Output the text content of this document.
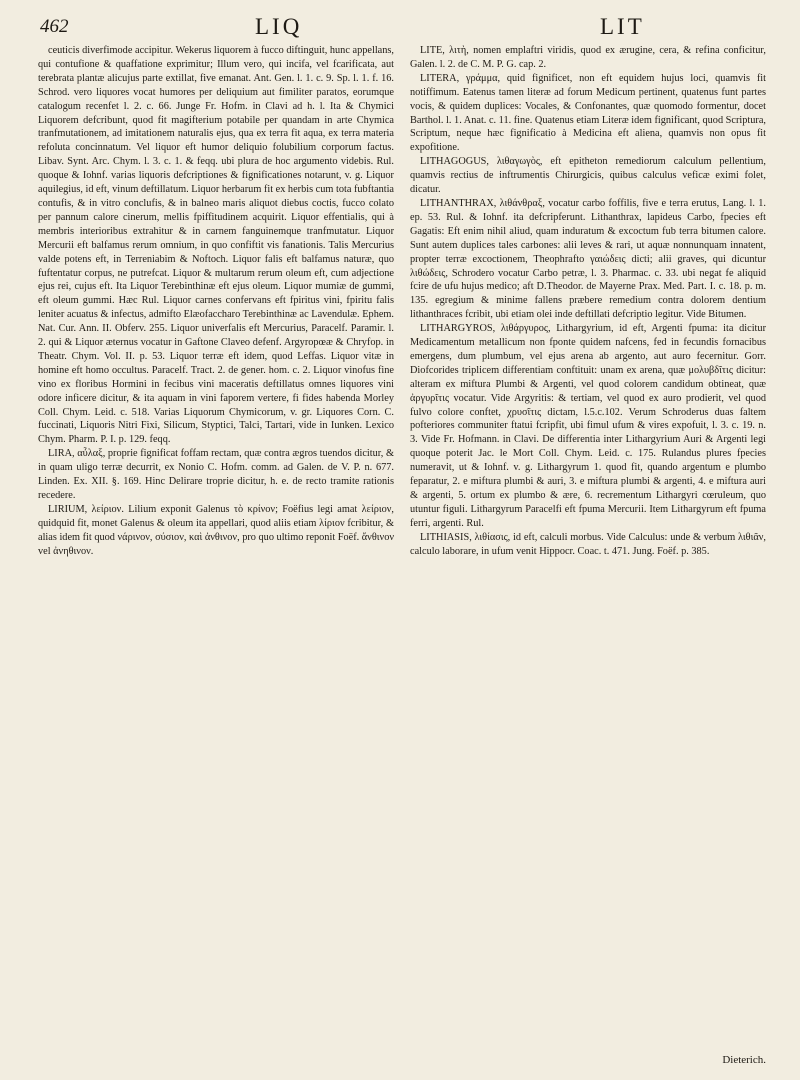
462	LIQ	LIT

ceuticis diverfimode accipitur. Wekerus liquorem à fucco diftinguit, hunc appellans, qui contufione & quaffatione exprimitur; Illum vero, qui incifa, vel fcarificata, aut terebrata plantæ alicujus parte extillat, five emanat. Ant. Gen. l. 1. c. 9. Sp. l. 1. f. 16. Schrod. vero liquores vocat humores per deliquium aut fimiliter paratos, eorumque catalogum recenfet l. 2. c. 66. Junge Fr. Hofm. in Clavi ad h. l. Ita & Chymici Liquorem defcribunt, quod fit magifterium potabile per quandam in arte Chymica tranfmutationem, ad imitationem naturalis ejus, qua ex terra fit aqua, ex terra materia refoluta concinnatum. Vel liquor eft humor deliquio folubilium corporum factus. Libav. Synt. Arc. Chym. l. 3. c. 1. & feqq. ubi plura de hoc argumento videbis. Rul. quoque & Iohnf. varias liquoris defcriptiones & fignificationes notarunt, v. g. Liquor aquilegius, id eft, vinum deftillatum. Liquor herbarum fit ex herbis cum tota fubftantia contufis, & in vitro conclufis, & in balneo maris aliquot diebus coctis, fucco colato per pannum calore cinerum, mellis fpiffitudinem acquirit. Liquor effentialis, qui à membris interioribus extrahitur & in carnem fanguinemque tranfmutatur. Liquor Mercurii eft balfamus rerum omnium, in quo confiftit vis fanationis. Talis Mercurius valde potens eft, in Terreniabim & Noftoch. Liquor falis eft balfamus naturæ, quo fuftentatur corpus, ne putrefcat. Liquor & multarum rerum oleum eft, cum adjectione ejus rei, cujus eft. Ita Liquor Terebinthinæ eft ejus oleum. Liquor mumiæ de gummi, eft oleum gummi. Hæc Rul. Liquor carnes confervans eft fpiritus vini, fpiritu falis leniter acuatus & infectus, admifto Elæofaccharo Terebinthinæ ac Lavendulæ. Ephem. Nat. Cur. Ann. II. Obferv. 255. Liquor univerfalis eft Mercurius, Paracelf. Paramir. l. 2. qui & Liquor æternus vocatur in Gaftone Claveo defenf. Argyropœæ & Chryfop. in Theatr. Chym. Vol. II. p. 53. Liquor terræ eft idem, quod Leffas. Liquor vitæ in homine eft homo occultus. Paracelf. Tract. 2. de gener. hom. c. 2. Liquor vinofus fine vino ex floribus Hormini in fecibus vini maceratis deftillatus omnes liquores vini odore inficere dicitur, & ita aquam in vini faporem vertere, fi fides habenda Morley Coll. Chym. Leid. c. 518. Varias Liquorum Chymicorum, v. gr. Liquores Corn. C. fuccinati, Liquoris Nitri Fixi, Silicum, Styptici, Talci, Tartari, vide in Iunken. Lexico Chym. Pharm. P. I. p. 129. feqq.

LIRA, αὖλαξ, proprie fignificat foffam rectam, quæ contra ægros tuendos dicitur, & in quam uligo terræ decurrit, ex Nonio C. Hofm. comm. ad Galen. de V. P. n. 677. Linden. Ex. XII. §. 169. Hinc Delirare troprie dicitur, h. e. de recto tramite rationis recedere.

LIRIUM, λείριον. Lilium exponit Galenus τὸ κρίνον; Foëfius legi amat λείριον, quidquid fit, monet Galenus & oleum ita appellari, quod aliis etiam λίριον fcribitur, & alias idem fit quod νάρινον, σύσιον, καὶ ἀνθινον, pro quo ultimo reponit Foëf. ἄνθινον vel ἀνηθινον.

LITE, λιτὴ, nomen emplaftri viridis, quod ex ærugine, cera, & refina conficitur, Galen. l. 2. de C. M. P. G. cap. 2.

LITERA, γράμμα, quid fignificet, non eft equidem hujus loci, quamvis fit notiffimum. Eatenus tamen literæ ad forum Medicum pertinent, quatenus funt partes vocis, & quidem duplices: Vocales, & Confonantes, quæ quomodo formentur, docet Barthol. l. 1. Anat. c. 11. fine. Quatenus etiam Literæ idem fignificant, quod Scriptura, Scriptum, neque hæc fignificatio à Medicina eft aliena, quamvis non opus fit expofitione.

LITHAGOGUS, λιθαγωγὸς, eft epitheton remediorum calculum pellentium, quamvis rectius de inftrumentis Chirurgicis, quibus calculus veficæ eximi folet, dicatur.

LITHANTHRAX, λιθάνθραξ, vocatur carbo foffilis, five e terra erutus, Lang. l. 1. ep. 53. Rul. & Iohnf. ita defcripferunt. Lithanthrax, lapideus Carbo, fpecies eft Gagatis: Eft enim nihil aliud, quam induratum & excoctum fub terra bitumen calore. Sunt autem duplices tales carbones: alii leves & rari, ut aquæ nonnunquam innatent, propter terræ excoctionem, Theophrafto γαιώδεις dicti; alii graves, qui dicuntur λιθώδεις, Schrodero vocatur Carbo petræ, l. 3. Pharmac. c. 33. ubi negat fe aliquid fcire de ufu hujus medico; aft D.Theodor. de Mayerne Prax. Med. Part. I. c. 18. p. m. 135. egregium & minime fallens præbere remedium contra dolorem dentium lithanthraces fcribit, ubi etiam olei inde deftillati defcriptio legitur. Vide Bitumen.

LITHARGYROS, λιθάργυρος, Lithargyrium, id eft, Argenti fpuma: ita dicitur Medicamentum metallicum non fponte quidem nafcens, fed in fecundis fornacibus emergens, dum plumbum, vel ejus arena ab argento, aut auro fecernitur. Gorr. Diofcorides triplicem differentiam conftituit: unam ex arena, quæ μολυβδῖτις dicitur: alteram ex miftura Plumbi & Argenti, vel quod colorem candidum obtineat, quæ ἀργυρῖτις vocatur. Vide Argyritis: & tertiam, vel quod ex auro prodierit, vel quod fulvo colore conftet, χρυσῖτις dictam, l.5.c.102. Verum Schroderus duas faltem pofteriores communiter ftatui fcripfit, ubi fimul ufum & vires expofuit, l. 3. c. 19. n. 3. Vide Fr. Hofmann. in Clavi. De differentia inter Lithargyrium Auri & Argenti legi quoque poterit Jac. le Mort Coll. Chym. Leid. c. 175. Rulandus plures fpecies numeravit, ut & Iohnf. v. g. Lithargyrum 1. quod fit, quando argentum e plumbo feparatur, 2. e miftura plumbi & auri, 3. e miftura plumbi & argenti, 4. e miftura auri & argenti, 5. ortum ex plumbo & ære, 6. recrementum Lithargyri cœruleum, quo utuntur figuli. Lithargyrum Paracelfi eft fpuma Mercurii. Item Lithargyrum eft fpuma ferri, argenti. Rul.

LITHIASIS, λιθίασις, id eft, calculi morbus. Vide Calculus: unde & verbum λιθιᾶν, calculo laborare, in ufum venit Hippocr. Coac. t. 471. Jung. Foëf. p. 385.

Dieterich.
